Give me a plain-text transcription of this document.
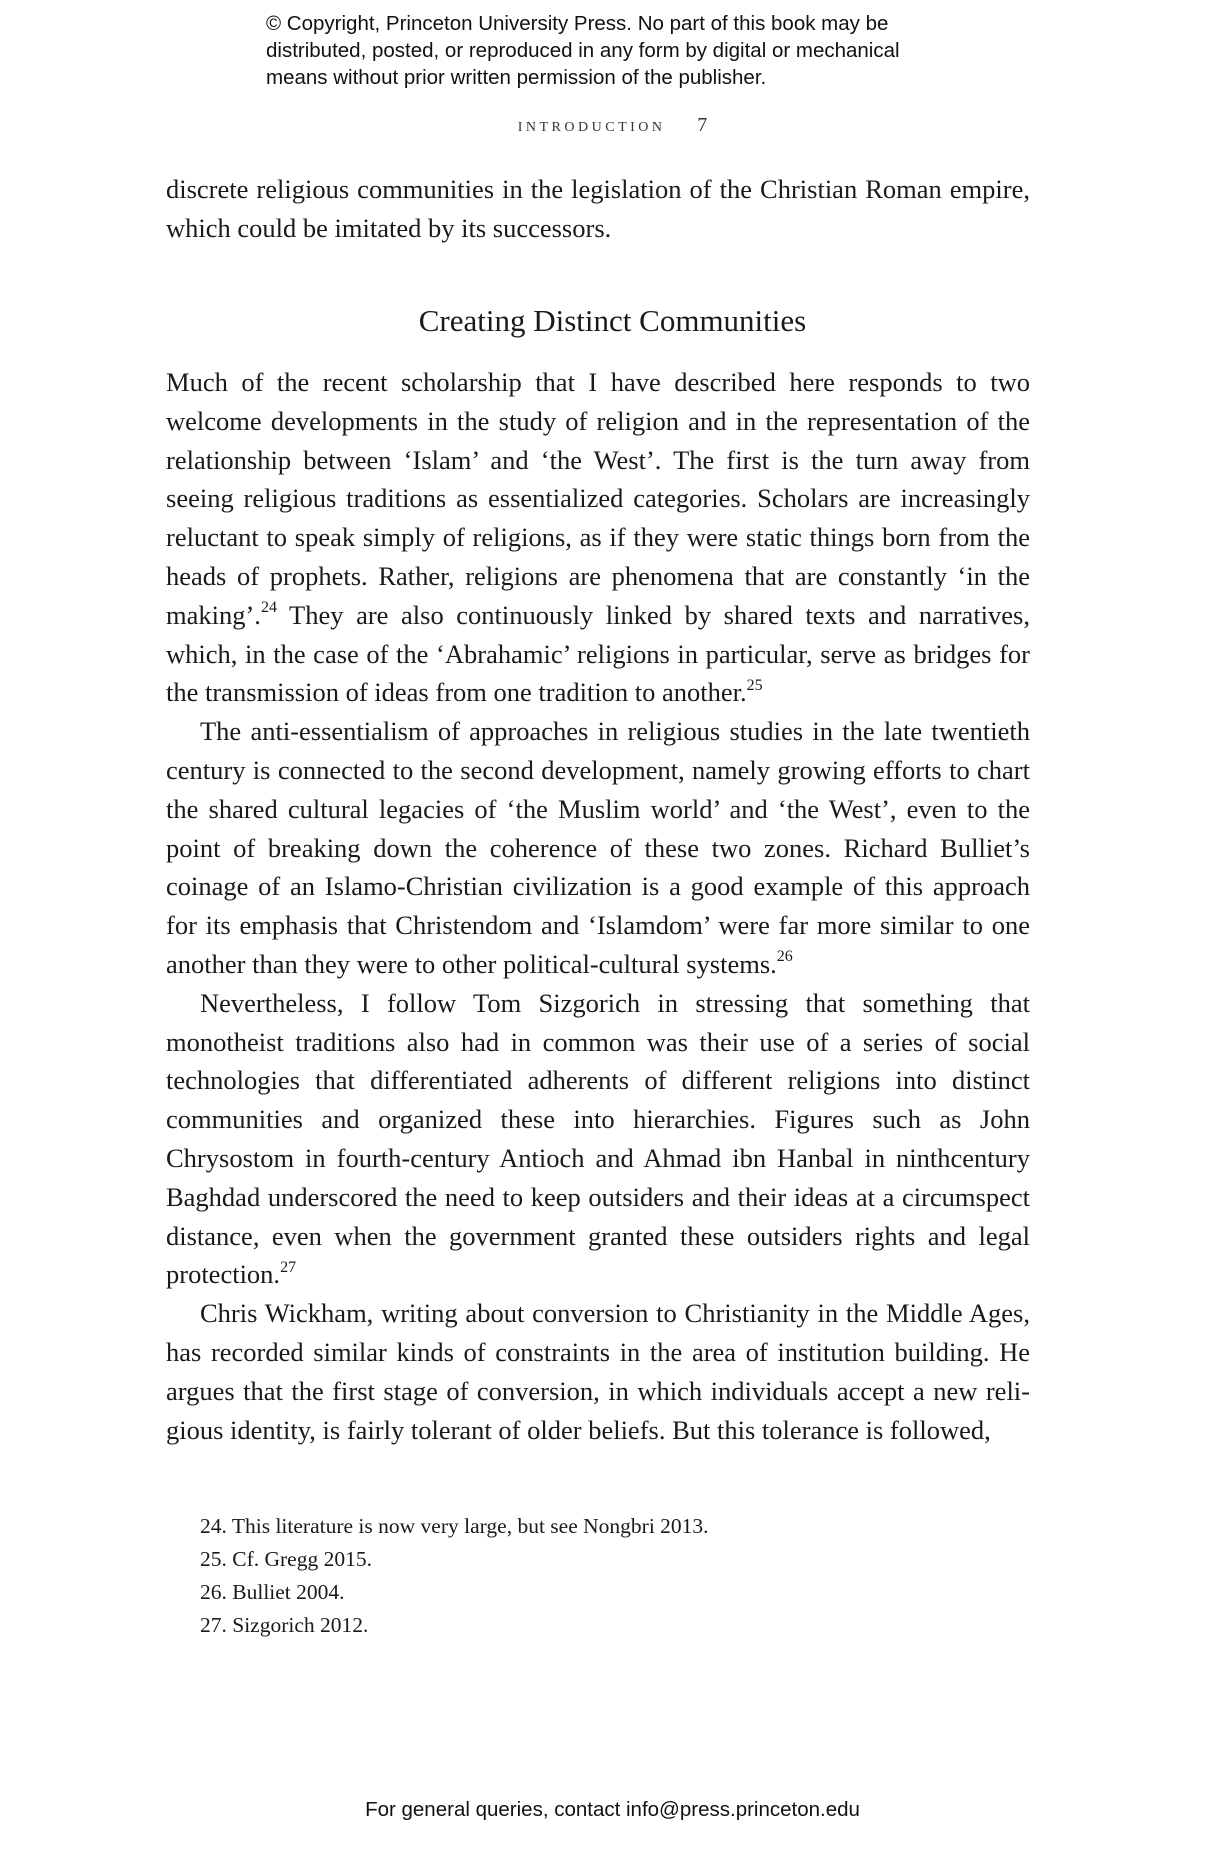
© Copyright, Princeton University Press. No part of this book may be
distributed, posted, or reproduced in any form by digital or mechanical
means without prior written permission of the publisher.
introduction 7
discrete religious communities in the legislation of the Christian Roman empire, which could be imitated by its successors.
Creating Distinct Communities

Much of the recent scholarship that I have described here responds to two welcome developments in the study of religion and in the representation of the relationship between ‘Islam’ and ‘the West’. The first is the turn away from seeing religious traditions as essentialized categories. Scholars are increasingly reluctant to speak simply of religions, as if they were static things born from the heads of prophets. Rather, religions are phenomena that are constantly ‘in the making’.$^{24}$ They are also continuously linked by shared texts and narratives, which, in the case of the ‘Abrahamic’ religions in particular, serve as bridges for the transmission of ideas from one tradition to another.$^{25}$

The anti-essentialism of approaches in religious studies in the late twentieth century is connected to the second development, namely growing efforts to chart the shared cultural legacies of ‘the Muslim world’ and ‘the West’, even to the point of breaking down the coherence of these two zones. Richard Bulliet’s coinage of an Islamo-Christian civilization is a good example of this approach for its emphasis that Christendom and ‘Islamdom’ were far more similar to one another than they were to other political-cultural systems.$^{26}$

Nevertheless, I follow Tom Sizgorich in stressing that something that monotheist traditions also had in common was their use of a series of social technologies that differentiated adherents of different religions into distinct communities and organized these into hierarchies. Figures such as John Chrysostom in fourth-century Antioch and Ahmad ibn Hanbal in ninthcentury Baghdad underscored the need to keep outsiders and their ideas at a circumspect distance, even when the government granted these outsiders rights and legal protection.$^{27}$

Chris Wickham, writing about conversion to Christianity in the Middle Ages, has recorded similar kinds of constraints in the area of institution building. He argues that the first stage of conversion, in which individuals accept a new religious identity, is fairly tolerant of older beliefs. But this tolerance is followed,

24. This literature is now very large, but see Nongbri 2013.
25. Cf. Gregg 2015.
26. Bulliet 2004.
27. Sizgorich 2012.
For general queries, contact info@press.princeton.edu
